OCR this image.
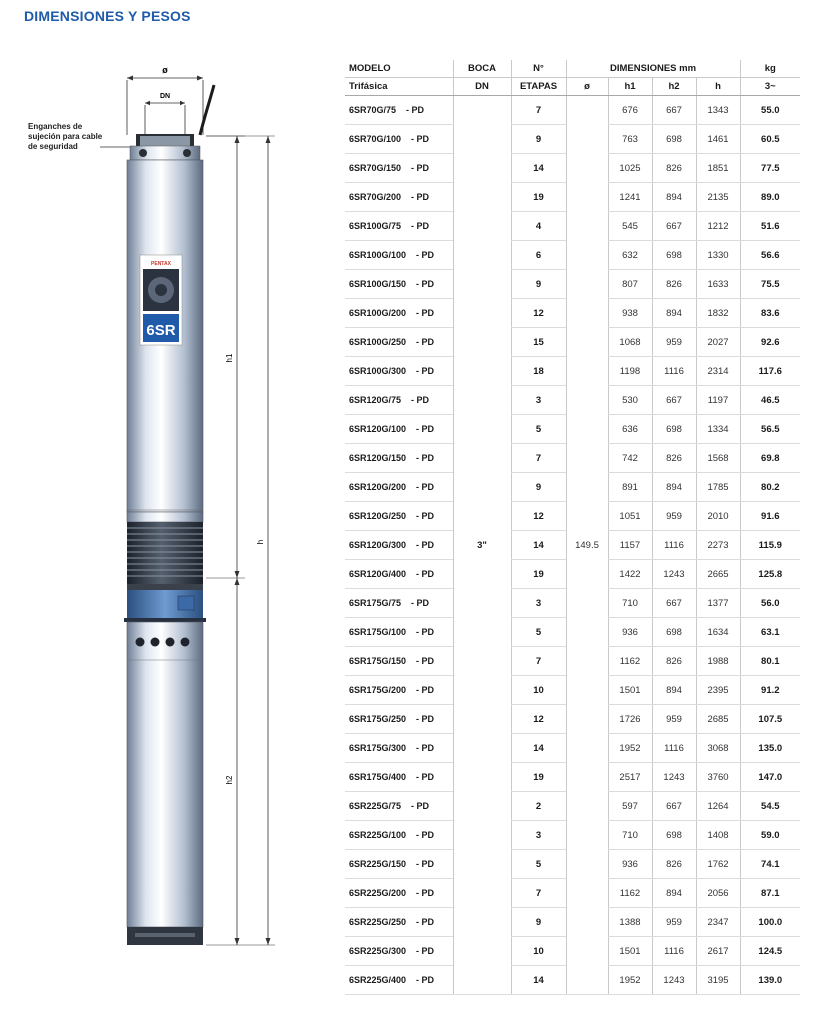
DIMENSIONES Y PESOS
Enganches de sujeción para cable de seguridad
ø
DN
PENTAX
6SR
h1
h
h2
MODELO	BOCA	N°	DIMENSIONES mm				kg
Trifásica	DN	ETAPAS	ø	h1	h2	h	3~
6SR70G/75 - PD	3"	7	149.5	676	667	1343	55.0
6SR70G/100 - PD		9		763	698	1461	60.5
6SR70G/150 - PD		14		1025	826	1851	77.5
6SR70G/200 - PD		19		1241	894	2135	89.0
6SR100G/75 - PD		4		545	667	1212	51.6
6SR100G/100 - PD		6		632	698	1330	56.6
6SR100G/150 - PD		9		807	826	1633	75.5
6SR100G/200 - PD		12		938	894	1832	83.6
6SR100G/250 - PD		15		1068	959	2027	92.6
6SR100G/300 - PD		18		1198	1116	2314	117.6
6SR120G/75 - PD		3		530	667	1197	46.5
6SR120G/100 - PD		5		636	698	1334	56.5
6SR120G/150 - PD		7		742	826	1568	69.8
6SR120G/200 - PD		9		891	894	1785	80.2
6SR120G/250 - PD		12		1051	959	2010	91.6
6SR120G/300 - PD		14		1157	1116	2273	115.9
6SR120G/400 - PD		19		1422	1243	2665	125.8
6SR175G/75 - PD		3		710	667	1377	56.0
6SR175G/100 - PD		5		936	698	1634	63.1
6SR175G/150 - PD		7		1162	826	1988	80.1
6SR175G/200 - PD		10		1501	894	2395	91.2
6SR175G/250 - PD		12		1726	959	2685	107.5
6SR175G/300 - PD		14		1952	1116	3068	135.0
6SR175G/400 - PD		19		2517	1243	3760	147.0
6SR225G/75 - PD		2		597	667	1264	54.5
6SR225G/100 - PD		3		710	698	1408	59.0
6SR225G/150 - PD		5		936	826	1762	74.1
6SR225G/200 - PD		7		1162	894	2056	87.1
6SR225G/250 - PD		9		1388	959	2347	100.0
6SR225G/300 - PD		10		1501	1116	2617	124.5
6SR225G/400 - PD		14		1952	1243	3195	139.0
